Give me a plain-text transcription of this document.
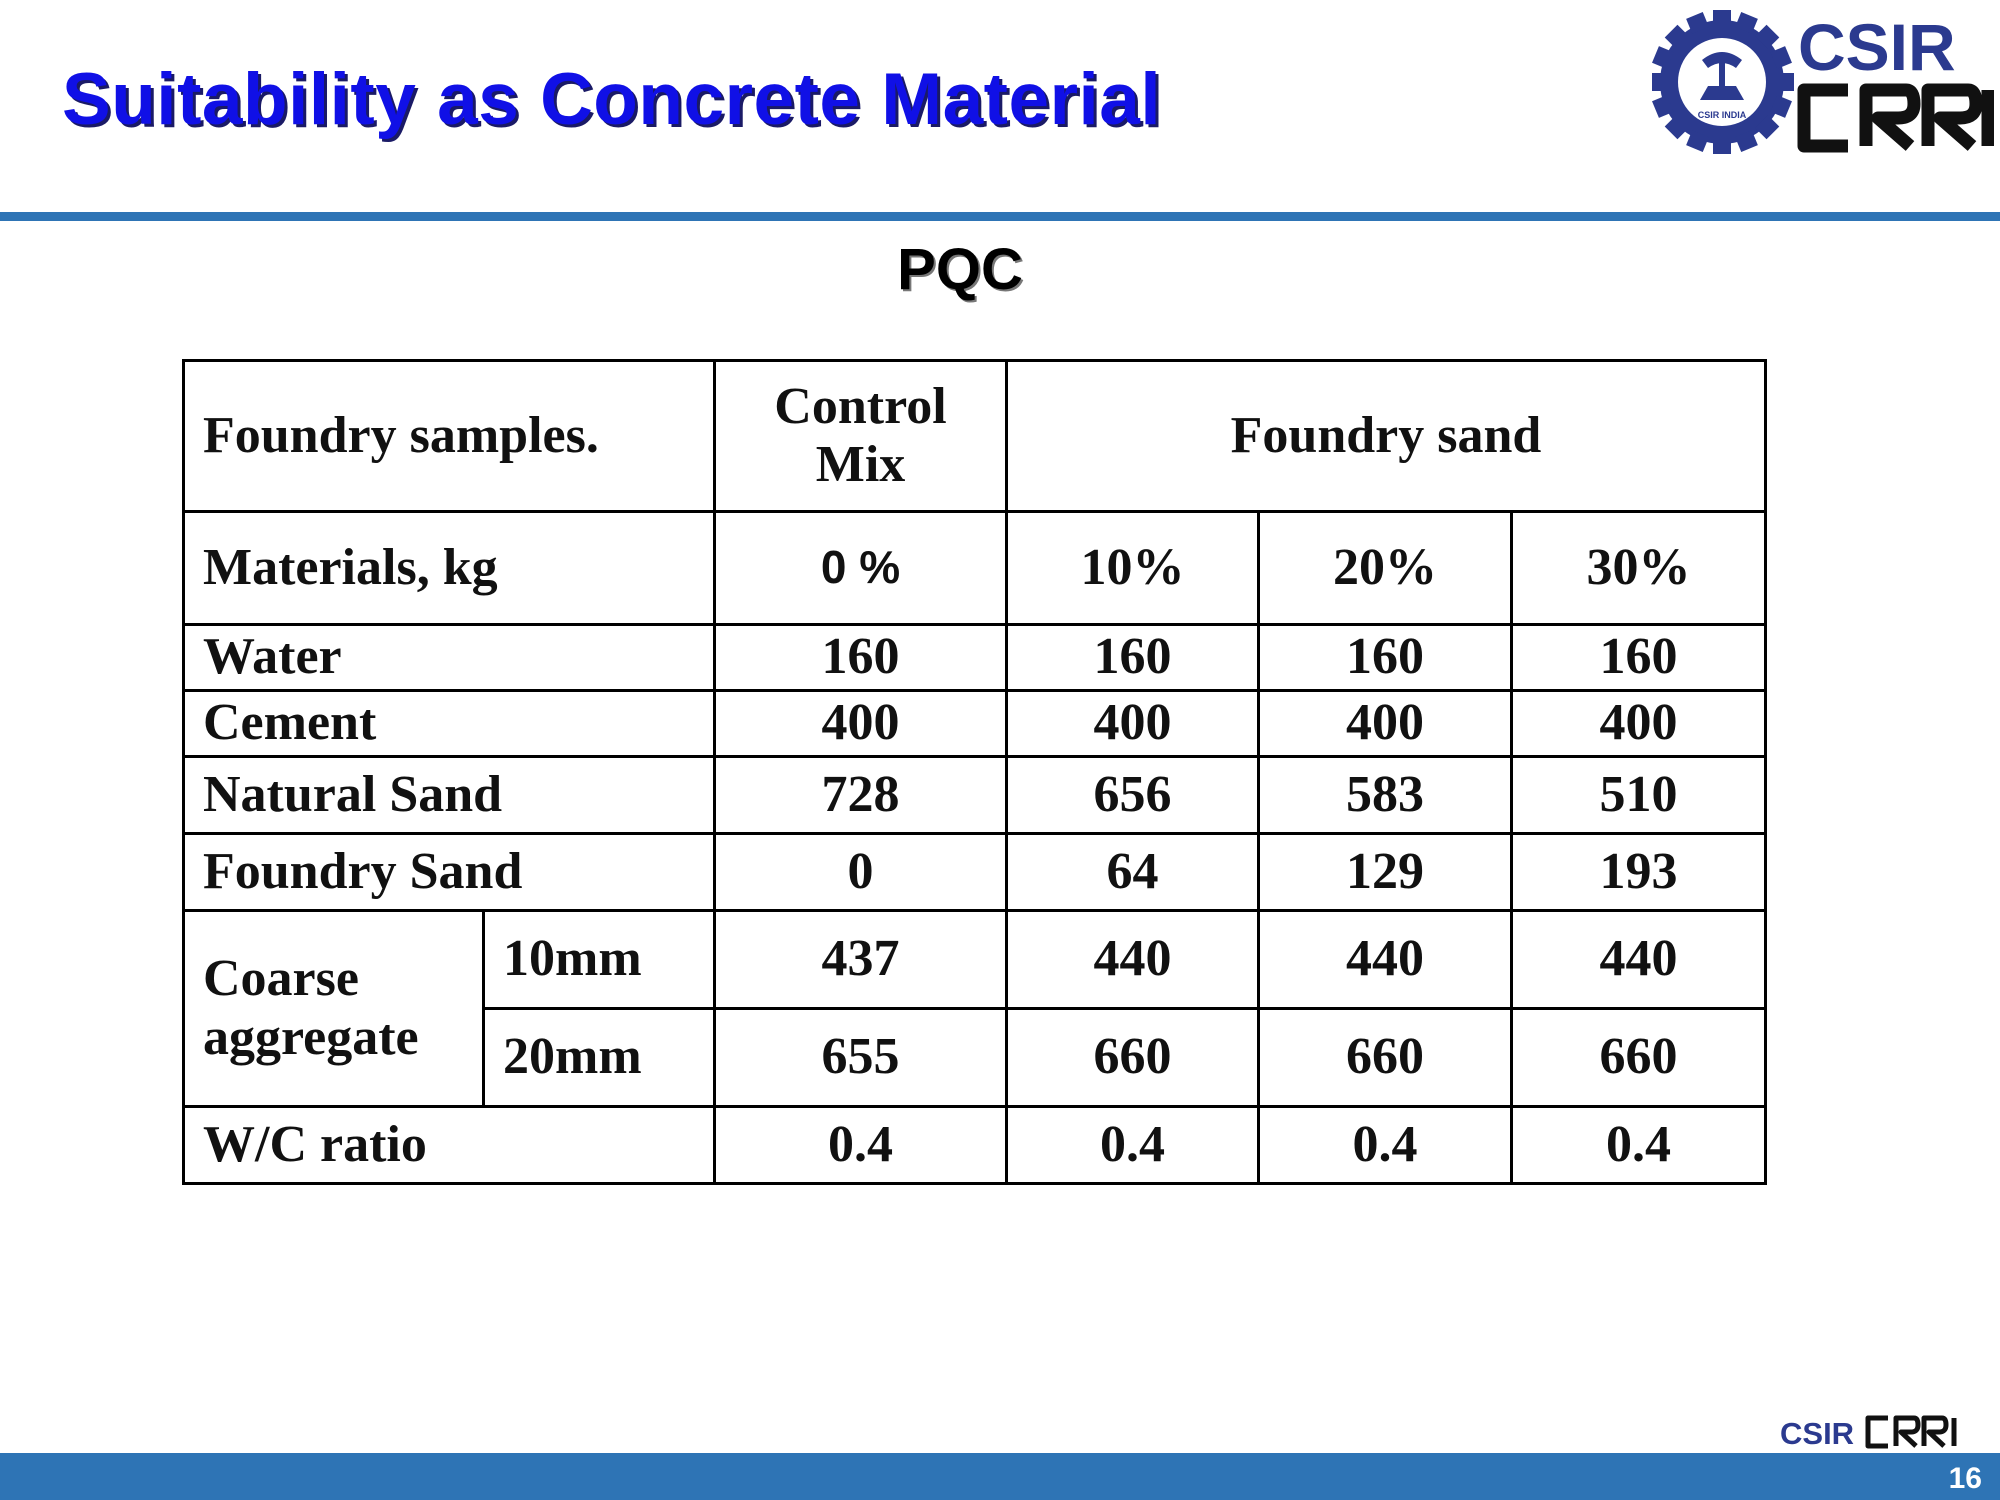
Suitability as Concrete Material	CSIR INDIA
CSIR
PQC
Foundry samples.		Control Mix	Foundry sand		
Materials, kg		0 %	10%	20%	30%
Water		160	160	160	160
Cement		400	400	400	400
Natural Sand		728	656	583	510
Foundry Sand		0	64	129	193
Coarse aggregate	10mm	437	440	440	440
	20mm	655	660	660	660
W/C ratio		0.4	0.4	0.4	0.4
CSIR
16
